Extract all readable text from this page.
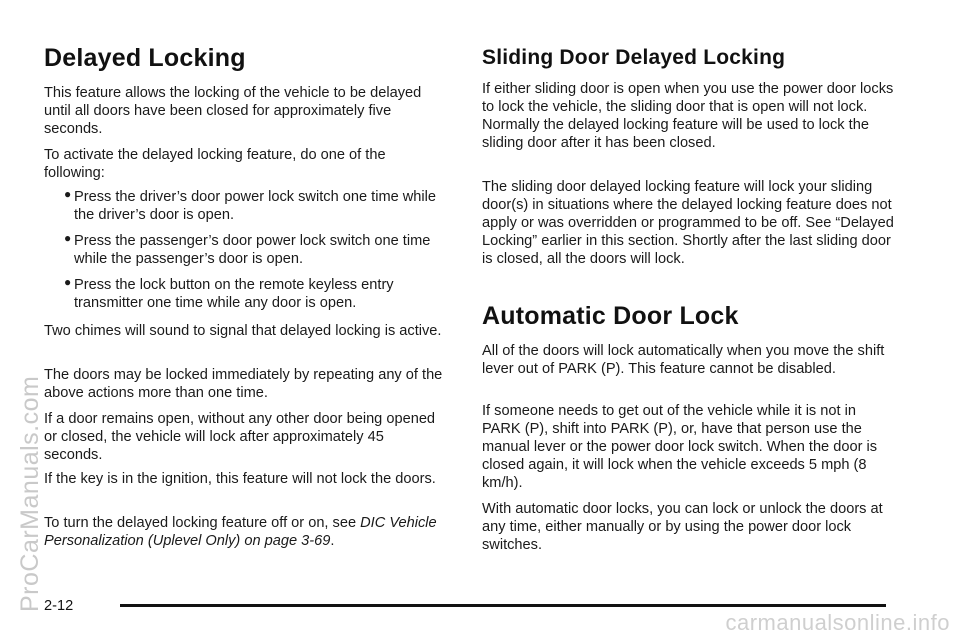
Delayed Locking

This feature allows the locking of the vehicle to be delayed until all doors have been closed for approximately five seconds.

To activate the delayed locking feature, do one of the following:

● Press the driver’s door power lock switch one time while the driver’s door is open.
● Press the passenger’s door power lock switch one time while the passenger’s door is open.
● Press the lock button on the remote keyless entry transmitter one time while any door is open.

Two chimes will sound to signal that delayed locking is active.

The doors may be locked immediately by repeating any of the above actions more than one time.

If a door remains open, without any other door being opened or closed, the vehicle will lock after approximately 45 seconds.

If the key is in the ignition, this feature will not lock the doors.

To turn the delayed locking feature off or on, see DIC Vehicle Personalization (Uplevel Only) on page 3-69.

Sliding Door Delayed Locking

If either sliding door is open when you use the power door locks to lock the vehicle, the sliding door that is open will not lock. Normally the delayed locking feature will be used to lock the sliding door after it has been closed.

The sliding door delayed locking feature will lock your sliding door(s) in situations where the delayed locking feature does not apply or was overridden or programmed to be off. See “Delayed Locking” earlier in this section. Shortly after the last sliding door is closed, all the doors will lock.

Automatic Door Lock

All of the doors will lock automatically when you move the shift lever out of PARK (P). This feature cannot be disabled.

If someone needs to get out of the vehicle while it is not in PARK (P), shift into PARK (P), or, have that person use the manual lever or the power door lock switch. When the door is closed again, it will lock when the vehicle exceeds 5 mph (8 km/h).

With automatic door locks, you can lock or unlock the doors at any time, either manually or by using the power door lock switches.

2-12
ProCarManuals.com
carmanualsonline.info
